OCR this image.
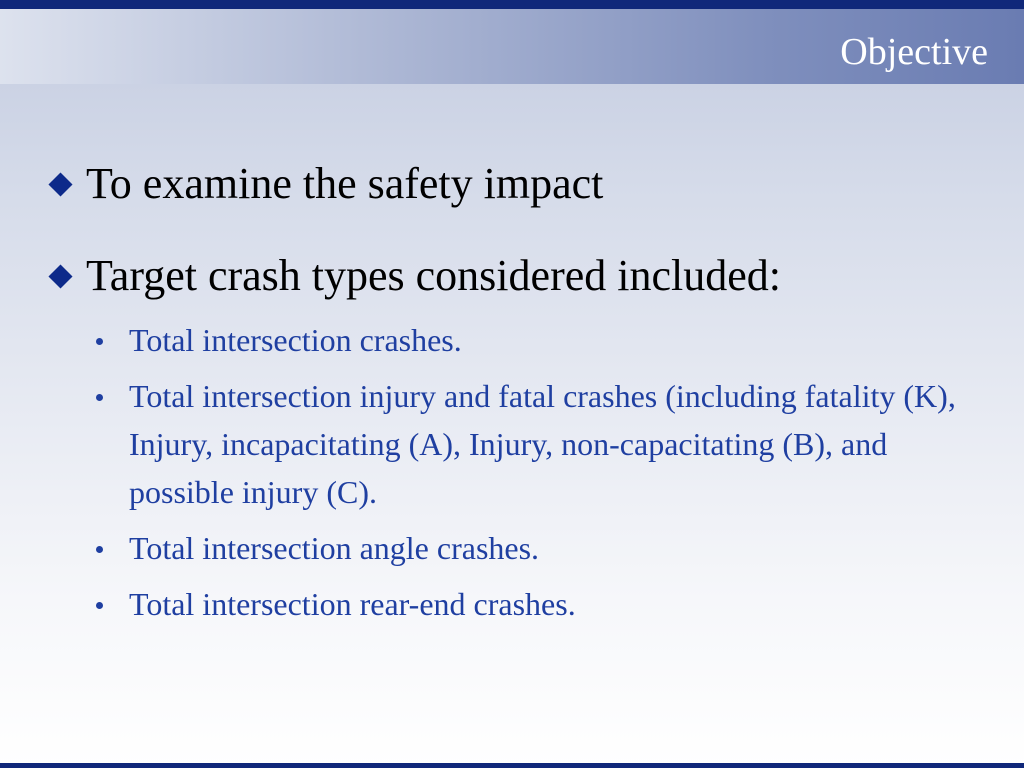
Objective
To examine the safety impact
Target crash types considered included:
Total intersection crashes.
Total intersection injury and fatal crashes (including fatality (K), Injury, incapacitating (A), Injury, non-capacitating (B), and possible injury (C).
Total intersection angle crashes.
Total intersection rear-end crashes.
